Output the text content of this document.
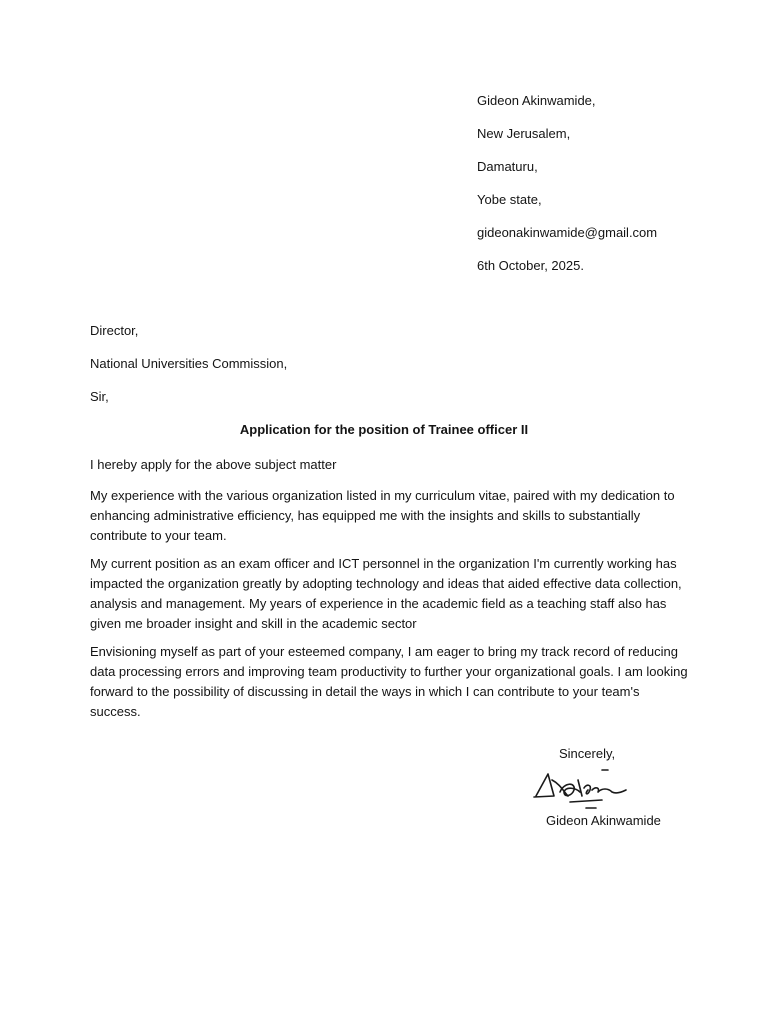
Gideon Akinwamide,
New Jerusalem,
Damaturu,
Yobe state,
gideonakinwamide@gmail.com
6th October, 2025.
Director,
National Universities Commission,
Sir,
Application for the position of Trainee officer II

I hereby apply for the above subject matter

My experience with the various organization listed in my curriculum vitae, paired with my dedication to enhancing administrative efficiency, has equipped me with the insights and skills to substantially contribute to your team.

My current position as an exam officer and ICT personnel in the organization I'm currently working has impacted the organization greatly by adopting technology and ideas that aided effective data collection, analysis and management. My years of experience in the academic field as a teaching staff also has given me broader insight and skill in the academic sector

Envisioning myself as part of your esteemed company, I am eager to bring my track record of reducing data processing errors and improving team productivity to further your organizational goals. I am looking forward to the possibility of discussing in detail the ways in which I can contribute to your team's success.

Sincerely,
Gideon Akinwamide
